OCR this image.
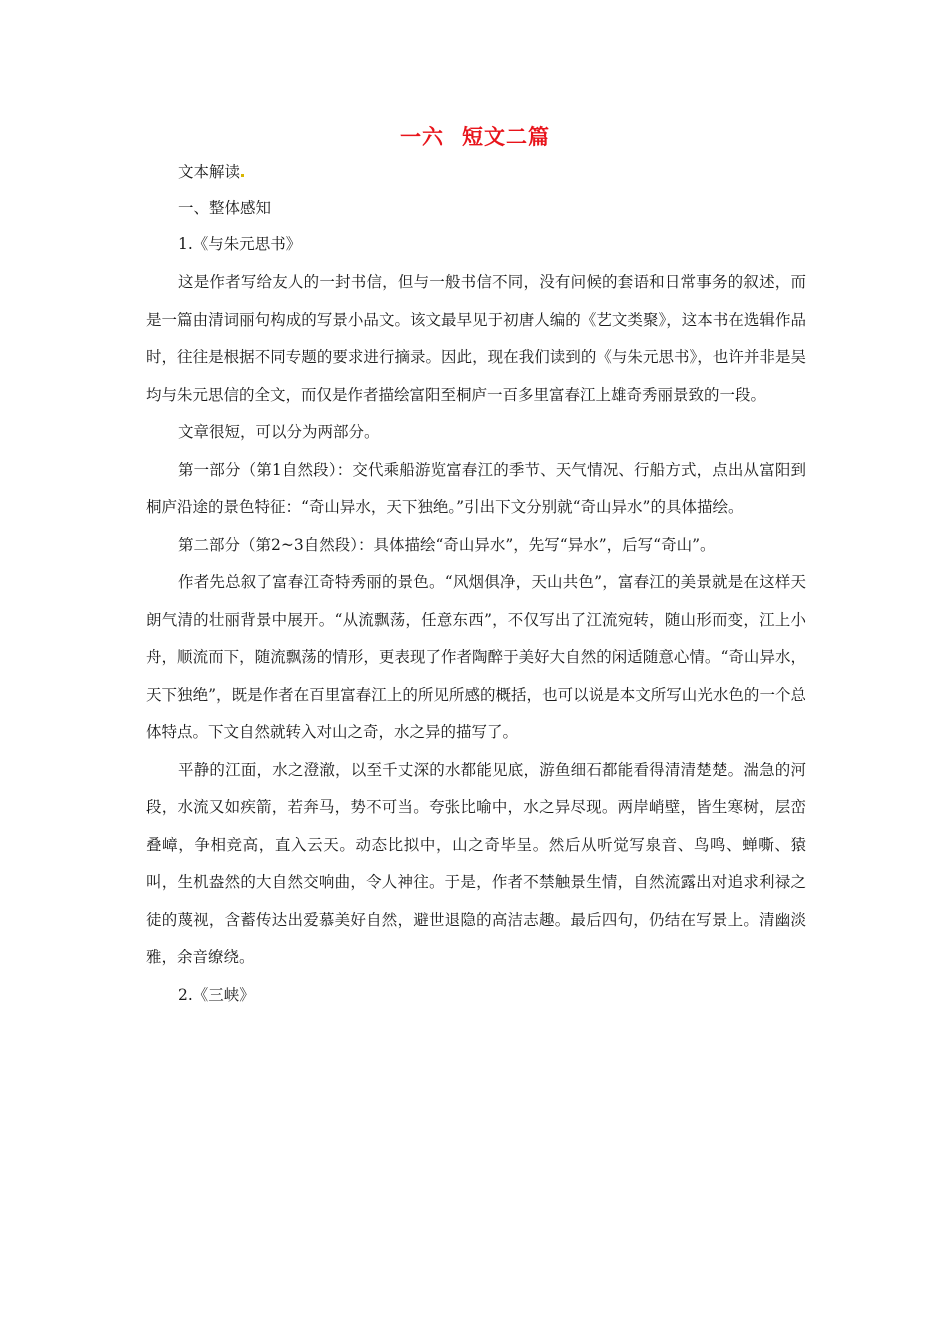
一六 短文二篇
文本解读
一、整体感知
1.《与朱元思书》

这是作者写给友人的一封书信，但与一般书信不同，没有问候的套语和日常事务的叙述，而是一篇由清词丽句构成的写景小品文。该文最早见于初唐人编的《艺文类聚》，这本书在选辑作品时，往往是根据不同专题的要求进行摘录。因此，现在我们读到的《与朱元思书》，也许并非是吴均与朱元思信的全文，而仅是作者描绘富阳至桐庐一百多里富春江上雄奇秀丽景致的一段。

文章很短，可以分为两部分。

第一部分（第1自然段）：交代乘船游览富春江的季节、天气情况、行船方式，点出从富阳到桐庐沿途的景色特征：“奇山异水，天下独绝。”引出下文分别就“奇山异水”的具体描绘。

第二部分（第2~3自然段）：具体描绘“奇山异水”，先写“异水”，后写“奇山”。

作者先总叙了富春江奇特秀丽的景色。“风烟俱净，天山共色”，富春江的美景就是在这样天朗气清的壮丽背景中展开。“从流飘荡，任意东西”，不仅写出了江流宛转，随山形而变，江上小舟，顺流而下，随流飘荡的情形，更表现了作者陶醉于美好大自然的闲适随意心情。“奇山异水，天下独绝”，既是作者在百里富春江上的所见所感的概括，也可以说是本文所写山光水色的一个总体特点。下文自然就转入对山之奇，水之异的描写了。

平静的江面，水之澄澈，以至千丈深的水都能见底，游鱼细石都能看得清清楚楚。湍急的河段，水流又如疾箭，若奔马，势不可当。夸张比喻中，水之异尽现。两岸峭壁，皆生寒树，层峦叠嶂，争相竞高，直入云天。动态比拟中，山之奇毕呈。然后从听觉写泉音、鸟鸣、蝉嘶、猿叫，生机盎然的大自然交响曲，令人神往。于是，作者不禁触景生情，自然流露出对追求利禄之徒的蔑视，含蓄传达出爱慕美好自然，避世退隐的高洁志趣。最后四句，仍结在写景上。清幽淡雅，余音缭绕。

2.《三峡》
